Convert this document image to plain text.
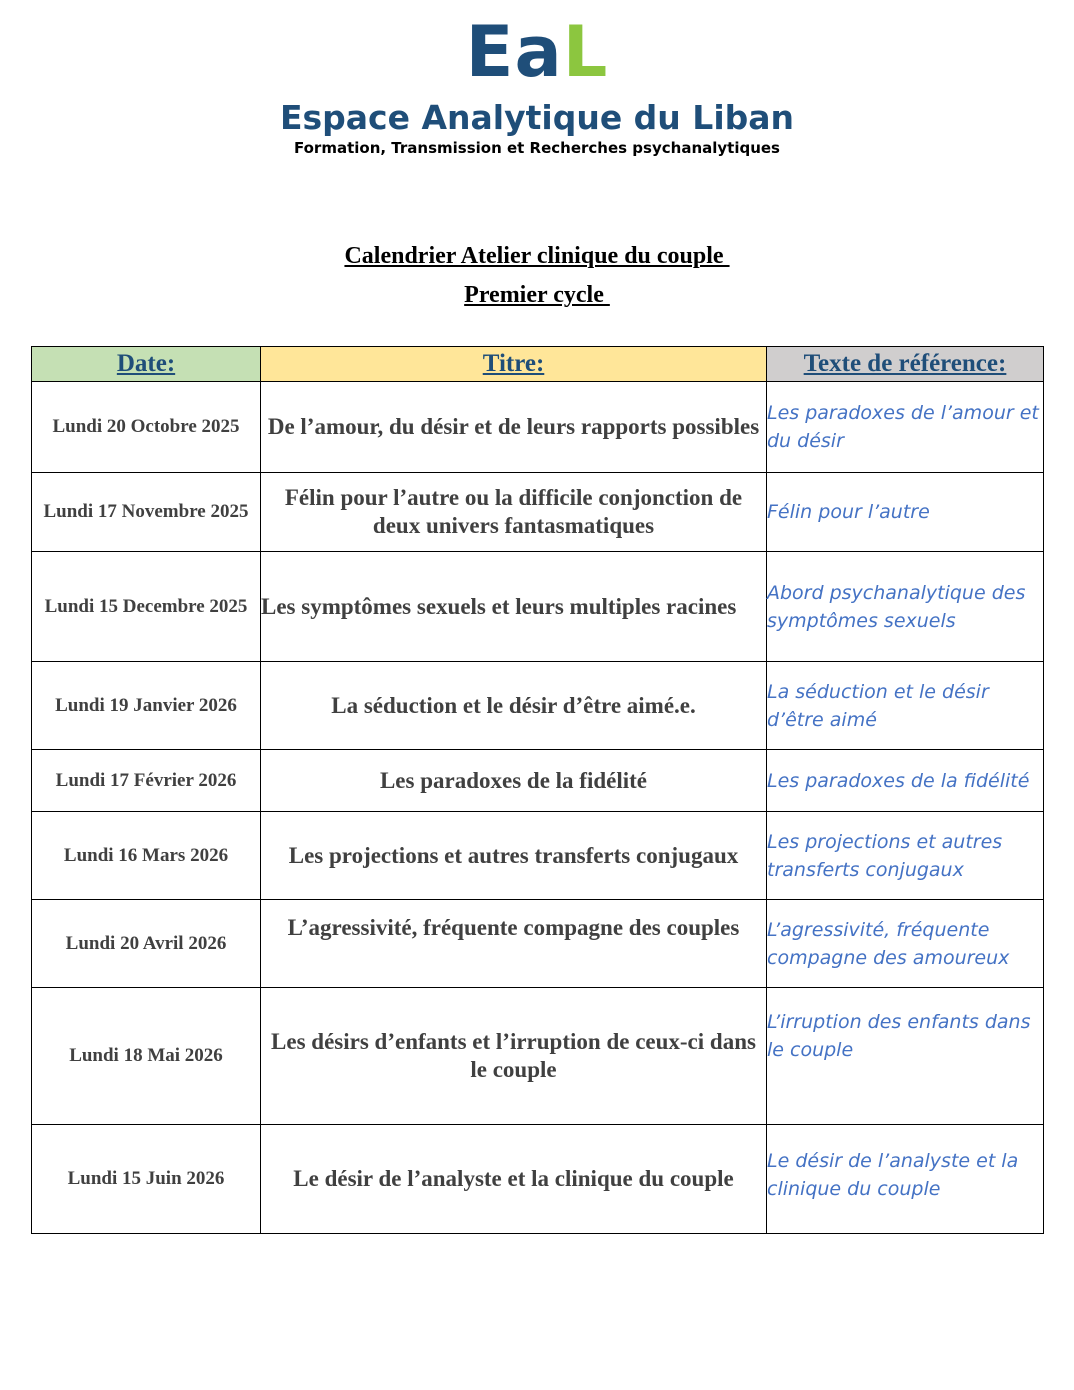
EaL
Espace Analytique du Liban
Formation, Transmission et Recherches psychanalytiques
Calendrier Atelier clinique du couple
Premier cycle
Date:	Titre:	Texte de référence:
Lundi 20 Octobre 2025	De l’amour, du désir et de leurs rapports possibles	Les paradoxes de l’amour et du désir
Lundi 17 Novembre 2025	Félin pour l’autre ou la difficile conjonction de deux univers fantasmatiques	Félin pour l’autre
Lundi 15 Decembre 2025	Les symptômes sexuels et leurs multiples racines	Abord psychanalytique des symptômes sexuels
Lundi 19 Janvier 2026	La séduction et le désir d’être aimé.e.	La séduction et le désir d’être aimé
Lundi 17 Février 2026	Les paradoxes de la fidélité	Les paradoxes de la fidélité
Lundi 16 Mars 2026	Les projections et autres transferts conjugaux	Les projections et autres transferts conjugaux
Lundi 20 Avril 2026	L’agressivité, fréquente compagne des couples	L’agressivité, fréquente compagne des amoureux
Lundi 18 Mai 2026	Les désirs d’enfants et l’irruption de ceux-ci dans le couple	L’irruption des enfants dans le couple
Lundi 15 Juin 2026	Le désir de l’analyste et la clinique du couple	Le désir de l’analyste et la clinique du couple
